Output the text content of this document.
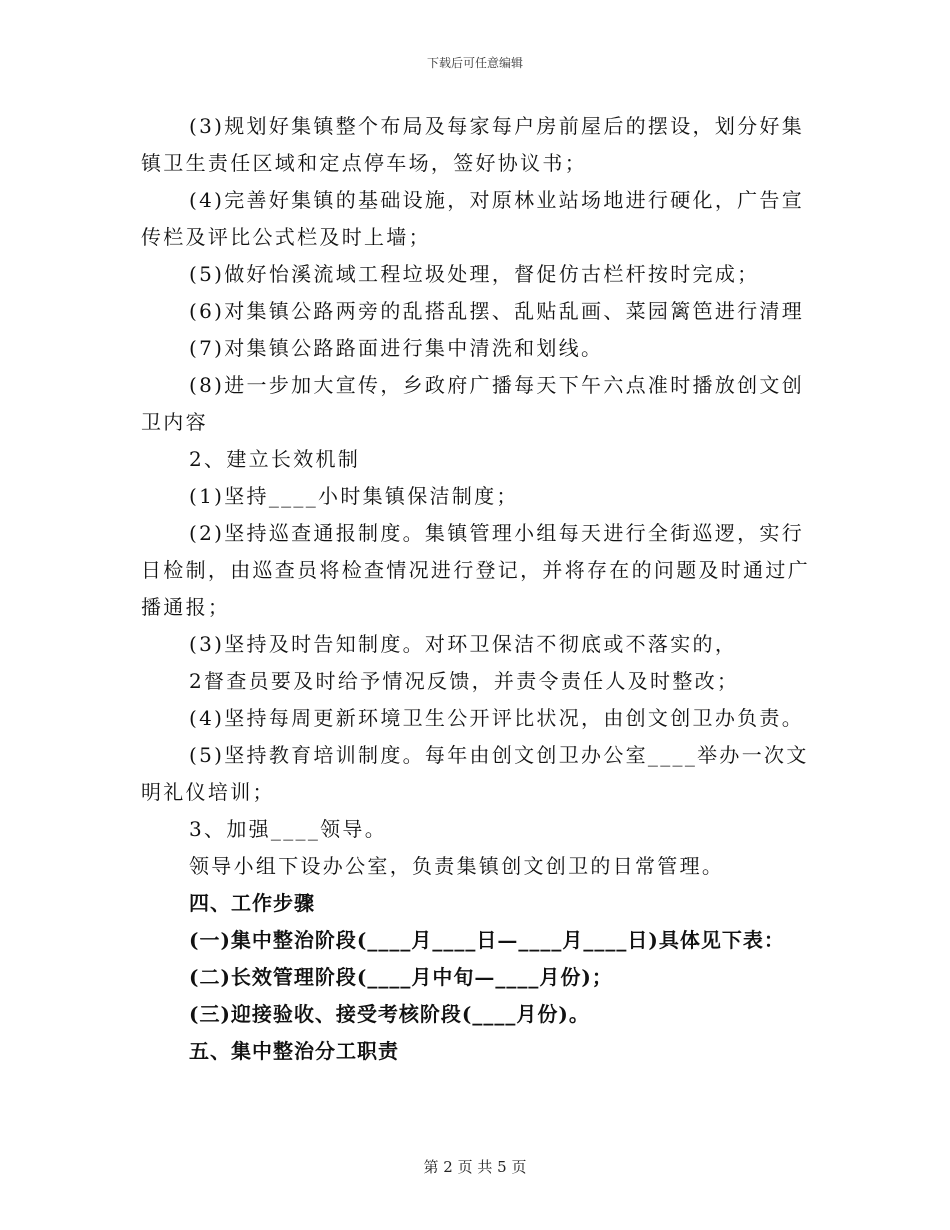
下载后可任意编辑

(3)规划好集镇整个布局及每家每户房前屋后的摆设，划分好集镇卫生责任区域和定点停车场，签好协议书；

(4)完善好集镇的基础设施，对原林业站场地进行硬化，广告宣传栏及评比公式栏及时上墙；

(5)做好怡溪流域工程垃圾处理，督促仿古栏杆按时完成；

(6)对集镇公路两旁的乱搭乱摆、乱贴乱画、菜园篱笆进行清理

(7)对集镇公路路面进行集中清洗和划线。

(8)进一步加大宣传，乡政府广播每天下午六点准时播放创文创卫内容

2、建立长效机制

(1)坚持____小时集镇保洁制度；

(2)坚持巡查通报制度。集镇管理小组每天进行全街巡逻，实行日检制，由巡查员将检查情况进行登记，并将存在的问题及时通过广播通报；

(3)坚持及时告知制度。对环卫保洁不彻底或不落实的，

2督查员要及时给予情况反馈，并责令责任人及时整改；

(4)坚持每周更新环境卫生公开评比状况，由创文创卫办负责。

(5)坚持教育培训制度。每年由创文创卫办公室____举办一次文明礼仪培训；

3、加强____领导。

领导小组下设办公室，负责集镇创文创卫的日常管理。

四、工作步骤

(一)集中整治阶段(____月____日—____月____日)具体见下表：

(二)长效管理阶段(____月中旬—____月份)；

(三)迎接验收、接受考核阶段(____月份)。

五、集中整治分工职责

第 2 页 共 5 页
